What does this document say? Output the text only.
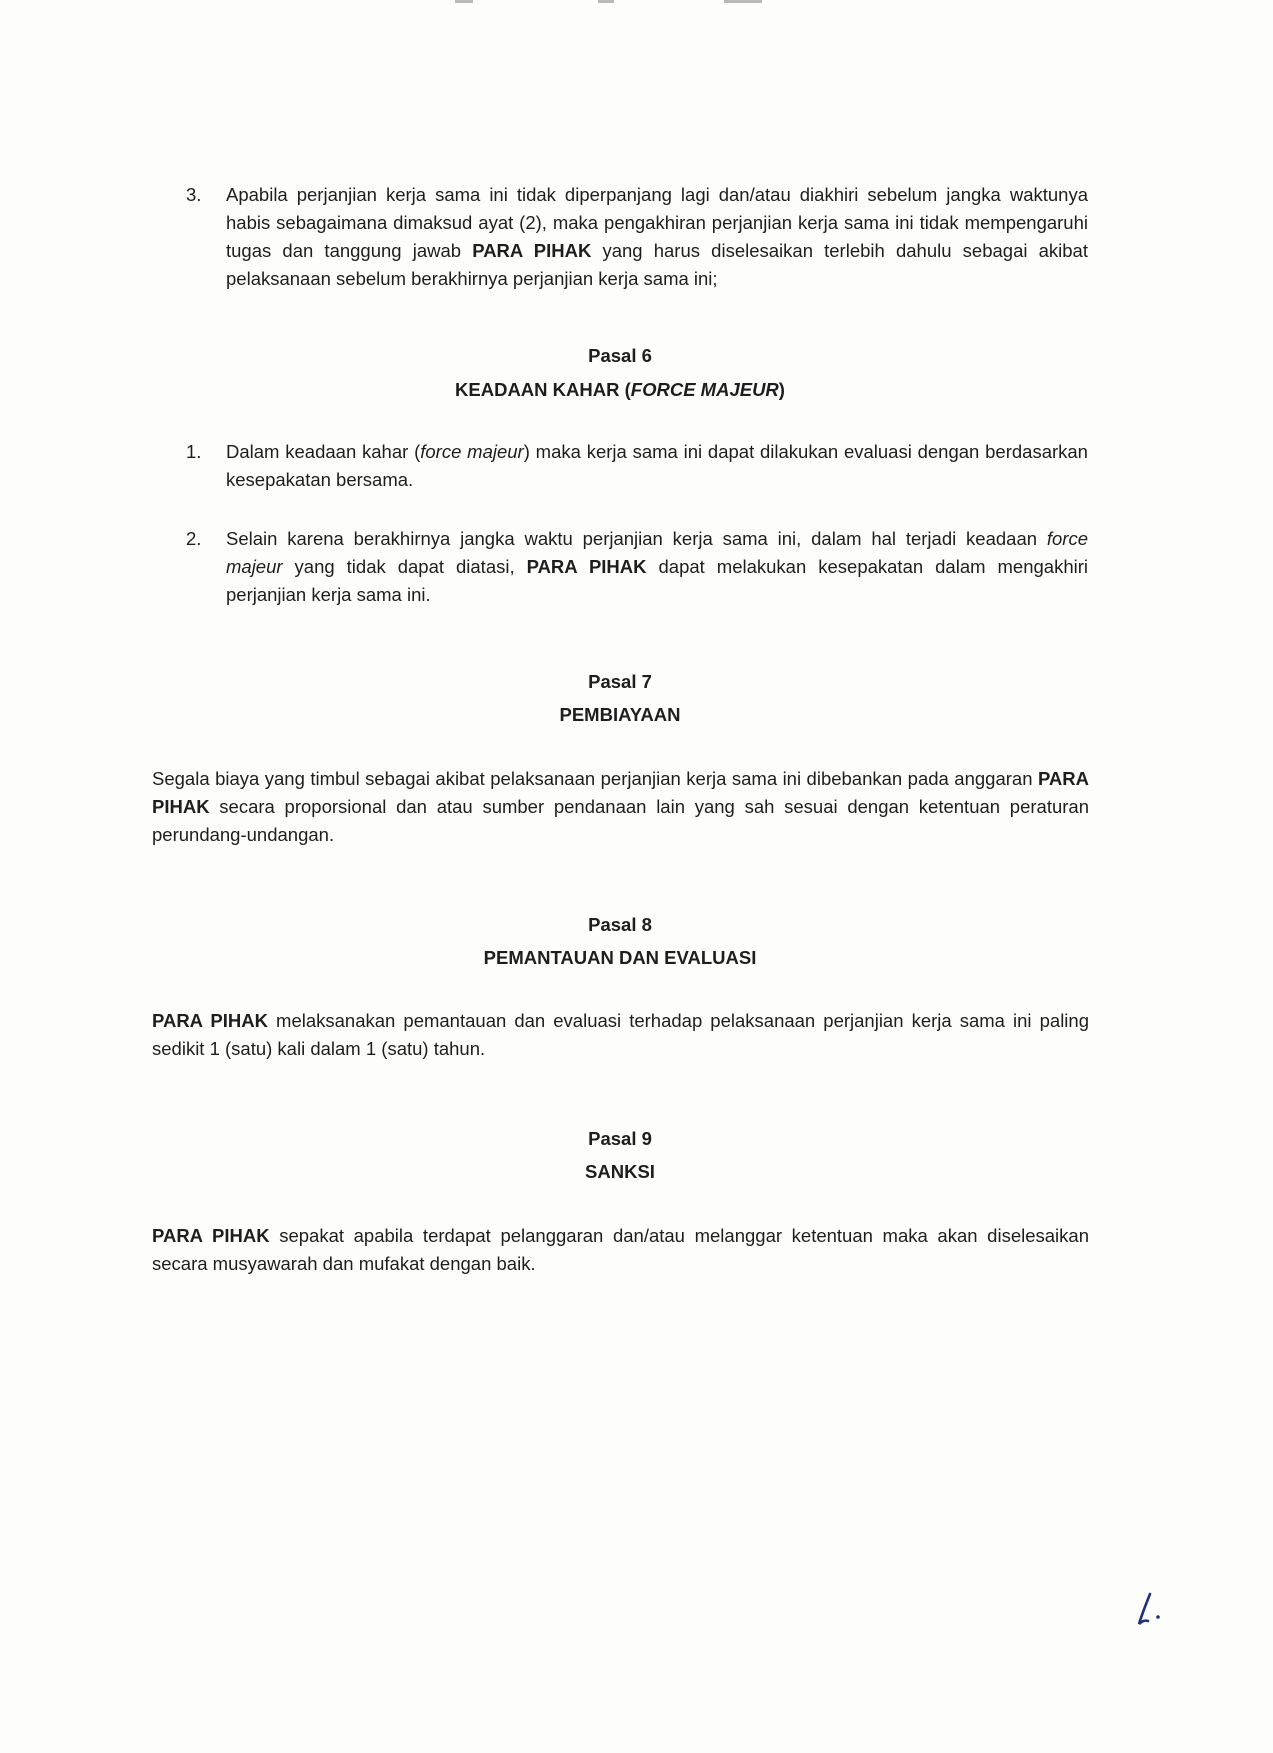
3. Apabila perjanjian kerja sama ini tidak diperpanjang lagi dan/atau diakhiri sebelum jangka waktunya habis sebagaimana dimaksud ayat (2), maka pengakhiran perjanjian kerja sama ini tidak mempengaruhi tugas dan tanggung jawab PARA PIHAK yang harus diselesaikan terlebih dahulu sebagai akibat pelaksanaan sebelum berakhirnya perjanjian kerja sama ini;

Pasal 6

KEADAAN KAHAR (FORCE MAJEUR)

1. Dalam keadaan kahar (force majeur) maka kerja sama ini dapat dilakukan evaluasi dengan berdasarkan kesepakatan bersama.

2. Selain karena berakhirnya jangka waktu perjanjian kerja sama ini, dalam hal terjadi keadaan force majeur yang tidak dapat diatasi, PARA PIHAK dapat melakukan kesepakatan dalam mengakhiri perjanjian kerja sama ini.

Pasal 7

PEMBIAYAAN

Segala biaya yang timbul sebagai akibat pelaksanaan perjanjian kerja sama ini dibebankan pada anggaran PARA PIHAK secara proporsional dan atau sumber pendanaan lain yang sah sesuai dengan ketentuan peraturan perundang-undangan.

Pasal 8

PEMANTAUAN DAN EVALUASI

PARA PIHAK melaksanakan pemantauan dan evaluasi terhadap pelaksanaan perjanjian kerja sama ini paling sedikit 1 (satu) kali dalam 1 (satu) tahun.

Pasal 9

SANKSI

PARA PIHAK sepakat apabila terdapat pelanggaran dan/atau melanggar ketentuan maka akan diselesaikan secara musyawarah dan mufakat dengan baik.
